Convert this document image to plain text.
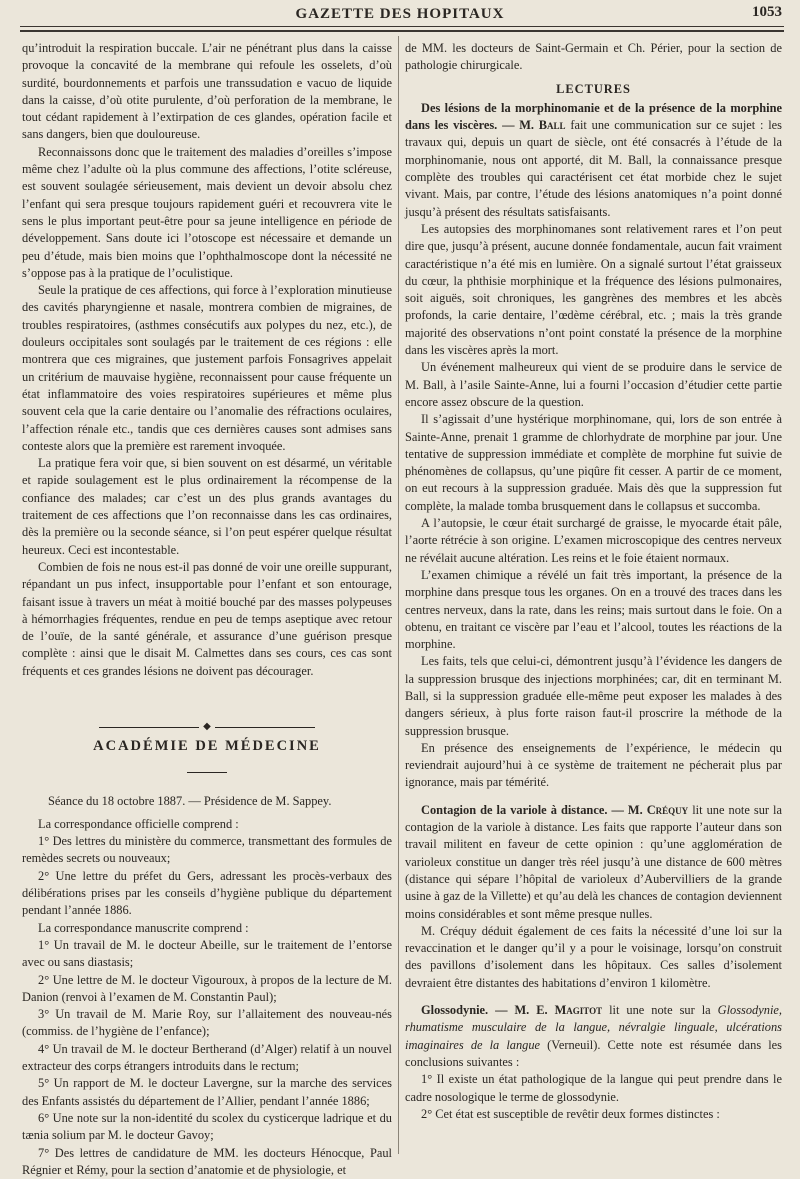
GAZETTE DES HOPITAUX	1053

qu’introduit la respiration buccale. L’air ne pénétrant plus dans la caisse provoque la concavité de la membrane qui refoule les osselets, d’où surdité, bourdonnements et parfois une transsudation e vacuo de liquide dans la caisse, d’où otite purulente, d’où perforation de la membrane, le tout cédant rapidement à l’extirpation de ces glandes, opération facile et sans dangers, bien que douloureuse.

Reconnaissons donc que le traitement des maladies d’oreilles s’impose même chez l’adulte où la plus commune des affections, l’otite scléreuse, est souvent soulagée sérieusement, mais devient un devoir absolu chez l’enfant qui sera presque toujours rapidement guéri et recouvrera vite le sens le plus important peut-être pour sa jeune intelligence en période de développement. Sans doute ici l’otoscope est nécessaire et demande un peu d’étude, mais bien moins que l’ophthalmoscope dont la nécessité ne s’oppose pas à la pratique de l’oculistique.

Seule la pratique de ces affections, qui force à l’exploration minutieuse des cavités pharyngienne et nasale, montrera combien de migraines, de troubles respiratoires, (asthmes consécutifs aux polypes du nez, etc.), de douleurs occipitales sont soulagés par le traitement de ces régions : elle montrera que ces migraines, que justement parfois Fonsagrives appelait un critérium de mauvaise hygiène, reconnaissent pour cause fréquente un état inflammatoire des voies respiratoires supérieures et même plus souvent cela que la carie dentaire ou l’anomalie des réfractions oculaires, l’affection rénale etc., tandis que ces dernières causes sont admises sans conteste alors que la première est rarement invoquée.

La pratique fera voir que, si bien souvent on est désarmé, un véritable et rapide soulagement est le plus ordinairement la récompense de la confiance des malades; car c’est un des plus grands avantages du traitement de ces affections que l’on reconnaisse dans les cas ordinaires, dès la première ou la seconde séance, si l’on peut espérer quelque résultat heureux. Ceci est incontestable.

Combien de fois ne nous est-il pas donné de voir une oreille suppurant, répandant un pus infect, insupportable pour l’enfant et son entourage, faisant issue à travers un méat à moitié bouché par des masses polypeuses à hémorrhagies fréquentes, rendue en peu de temps aseptique avec retour de l’ouïe, de la santé générale, et assurance d’une guérison presque complète : ainsi que le disait M. Calmettes dans ses cours, ces cas sont fréquents et ces grandes lésions ne doivent pas décourager.

◆
ACADÉMIE DE MÉDECINE

Séance du 18 octobre 1887. — Présidence de M. Sappey.

La correspondance officielle comprend :

1° Des lettres du ministère du commerce, transmettant des formules de remèdes secrets ou nouveaux;

2° Une lettre du préfet du Gers, adressant les procès-verbaux des délibérations prises par les conseils d’hygiène publique du département pendant l’année 1886.

La correspondance manuscrite comprend :

1° Un travail de M. le docteur Abeille, sur le traitement de l’entorse avec ou sans diastasis;

2° Une lettre de M. le docteur Vigouroux, à propos de la lecture de M. Danion (renvoi à l’examen de M. Constantin Paul);

3° Un travail de M. Marie Roy, sur l’allaitement des nouveau-nés (commiss. de l’hygiène de l’enfance);

4° Un travail de M. le docteur Bertherand (d’Alger) relatif à un nouvel extracteur des corps étrangers introduits dans le rectum;

5° Un rapport de M. le docteur Lavergne, sur la marche des services des Enfants assistés du département de l’Allier, pendant l’année 1886;

6° Une note sur la non-identité du scolex du cysticerque ladrique et du tænia solium par M. le docteur Gavoy;

7° Des lettres de candidature de MM. les docteurs Hénocque, Paul Régnier et Rémy, pour la section d’anatomie et de physiologie, et

de MM. les docteurs de Saint-Germain et Ch. Périer, pour la section de pathologie chirurgicale.

LECTURES

Des lésions de la morphinomanie et de la présence de la morphine dans les viscères. — M. Ball fait une communication sur ce sujet : les travaux qui, depuis un quart de siècle, ont été consacrés à l’étude de la morphinomanie, nous ont apporté, dit M. Ball, la connaissance presque complète des troubles qui caractérisent cet état morbide chez le sujet vivant. Mais, par contre, l’étude des lésions anatomiques n’a point donné jusqu’à présent des résultats satisfaisants.

Les autopsies des morphinomanes sont relativement rares et l’on peut dire que, jusqu’à présent, aucune donnée fondamentale, aucun fait vraiment caractéristique n’a été mis en lumière. On a signalé surtout l’état graisseux du cœur, la phthisie morphinique et la fréquence des lésions pulmonaires, soit aiguës, soit chroniques, les gangrènes des membres et les abcès profonds, la carie dentaire, l’œdème cérébral, etc. ; mais la très grande majorité des observations n’ont point constaté la présence de la morphine dans les viscères après la mort.

Un événement malheureux qui vient de se produire dans le service de M. Ball, à l’asile Sainte-Anne, lui a fourni l’occasion d’étudier cette partie encore assez obscure de la question.

Il s’agissait d’une hystérique morphinomane, qui, lors de son entrée à Sainte-Anne, prenait 1 gramme de chlorhydrate de morphine par jour. Une tentative de suppression immédiate et complète de morphine fut suivie de phénomènes de collapsus, qu’une piqûre fit cesser. A partir de ce moment, on eut recours à la suppression graduée. Mais dès que la suppression fut complète, la malade tomba brusquement dans le collapsus et succomba.

A l’autopsie, le cœur était surchargé de graisse, le myocarde était pâle, l’aorte rétrécie à son origine. L’examen microscopique des centres nerveux ne révélait aucune altération. Les reins et le foie étaient normaux.

L’examen chimique a révélé un fait très important, la présence de la morphine dans presque tous les organes. On en a trouvé des traces dans les centres nerveux, dans la rate, dans les reins; mais surtout dans le foie. On a obtenu, en traitant ce viscère par l’eau et l’alcool, toutes les réactions de la morphine.

Les faits, tels que celui-ci, démontrent jusqu’à l’évidence les dangers de la suppression brusque des injections morphinées; car, dit en terminant M. Ball, si la suppression graduée elle-même peut exposer les malades à des dangers sérieux, à plus forte raison faut-il proscrire la méthode de la suppression brusque.

En présence des enseignements de l’expérience, le médecin qu reviendrait aujourd’hui à ce système de traitement ne pécherait plus par ignorance, mais par témérité.

Contagion de la variole à distance. — M. Créquy lit une note sur la contagion de la variole à distance. Les faits que rapporte l’auteur dans son travail militent en faveur de cette opinion : qu’une agglomération de varioleux constitue un danger très réel jusqu’à une distance de 600 mètres (distance qui sépare l’hôpital de varioleux d’Aubervilliers de la grande usine à gaz de la Villette) et qu’au delà les chances de contagion deviennent moins considérables et sont même presque nulles.

M. Créquy déduit également de ces faits la nécessité d’une loi sur la revaccination et le danger qu’il y a pour le voisinage, lorsqu’on construit des pavillons d’isolement dans les hôpitaux. Ces salles d’isolement devraient être distantes des habitations d’environ 1 kilomètre.

Glossodynie. — M. E. Magitot lit une note sur la Glossodynie, rhumatisme musculaire de la langue, névralgie linguale, ulcérations imaginaires de la langue (Verneuil). Cette note est résumée dans les conclusions suivantes :

1° Il existe un état pathologique de la langue qui peut prendre dans le cadre nosologique le terme de glossodynie.

2° Cet état est susceptible de revêtir deux formes distinctes :
